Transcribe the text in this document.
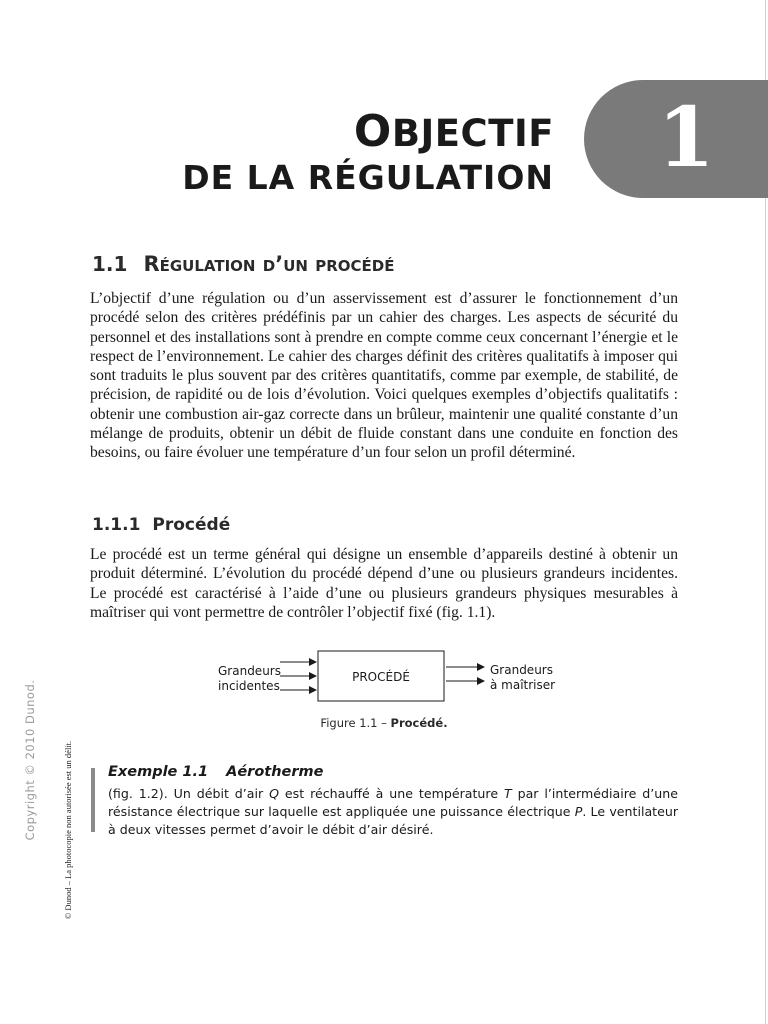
OBJECTIF
DE LA RÉGULATION 1
1.1 Régulation d’un procédé

L’objectif d’une régulation ou d’un asservissement est d’assurer le fonctionnement d’un procédé selon des critères prédéfinis par un cahier des charges. Les aspects de sécurité du personnel et des installations sont à prendre en compte comme ceux concernant l’énergie et le respect de l’environnement. Le cahier des charges définit des critères qualitatifs à imposer qui sont traduits le plus souvent par des critères quantitatifs, comme par exemple, de stabilité, de précision, de rapidité ou de lois d’évolution. Voici quelques exemples d’objectifs qualitatifs : obtenir une combustion air-gaz correcte dans un brûleur, maintenir une qualité constante d’un mélange de produits, obtenir un débit de fluide constant dans une conduite en fonction des besoins, ou faire évoluer une température d’un four selon un profil déterminé.

1.1.1 Procédé

Le procédé est un terme général qui désigne un ensemble d’appareils destiné à obtenir un produit déterminé. L’évolution du procédé dépend d’une ou plusieurs grandeurs incidentes. Le procédé est caractérisé à l’aide d’une ou plusieurs grandeurs physiques mesurables à maîtriser qui vont permettre de contrôler l’objectif fixé (fig. 1.1).

Grandeurs
incidentes
PROCÉDÉ	Grandeurs
à maîtriser
Figure 1.1 – Procédé.
Exemple 1.1 Aérotherme

(fig. 1.2). Un débit d’air Q est réchauffé à une température T par l’intermédiaire d’une résistance électrique sur laquelle est appliquée une puissance électrique P. Le ventilateur à deux vitesses permet d’avoir le débit d’air désiré.

Copyright © 2010 Dunod.	© Dunod – La photocopie non autorisée est un délit.
